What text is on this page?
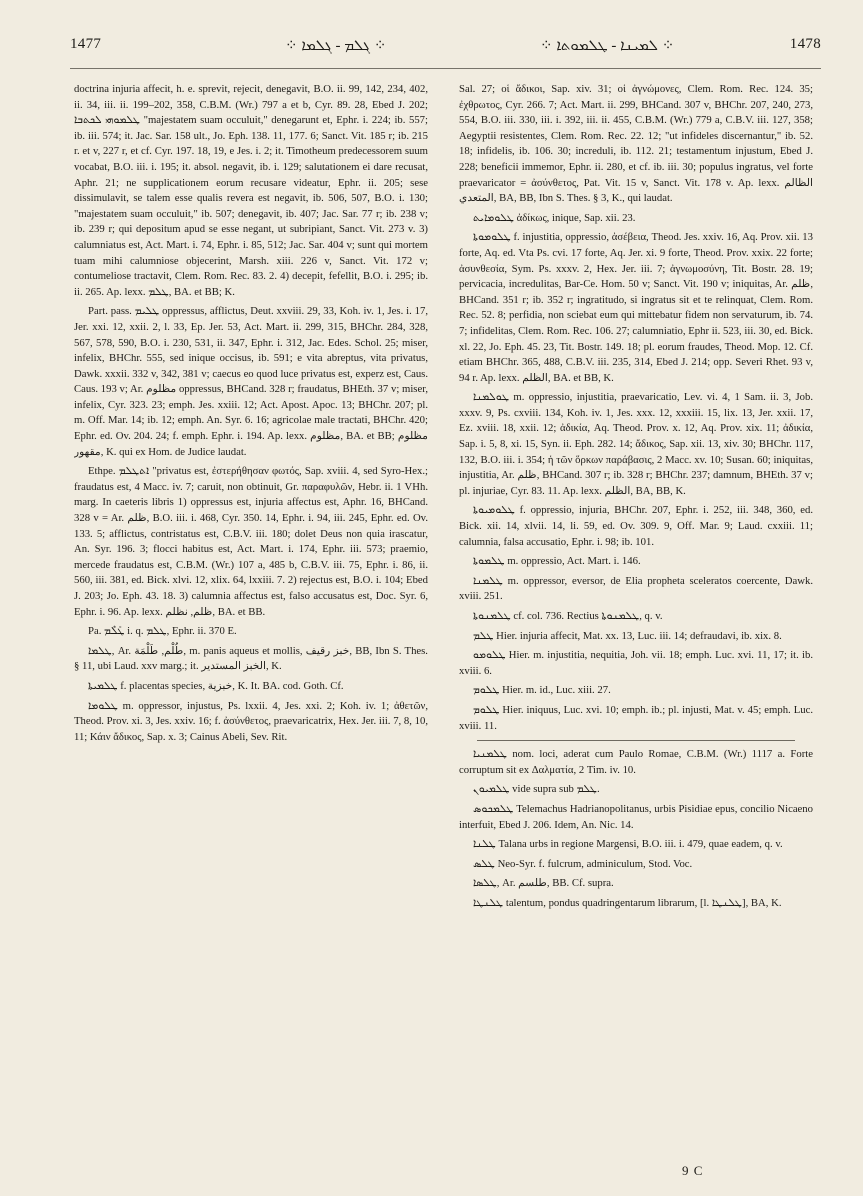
1477	⁘ ܓܠܡ - ܓܠܡܐ ⁘	⁘ ܠܡܝܢܐ - ܛܠܡܘܬܐ ⁘	1478

doctrina injuria affecit, h. e. sprevit, rejecit, denegavit, B.O. ii. 99, 142, 234, 402, ii. 34, iii. ii. 199–202, 358, C.B.M. (Wr.) 797 a et b, Cyr. 89. 28, Ebed J. 202; ܛܠܡܘܗܝ ܠܟܬܒܐ "majestatem suam occuluit," denegarunt et, Ephr. i. 224; ib. 557; ib. iii. 574; it. Jac. Sar. 158 ult., Jo. Eph. 138. 11, 177. 6; Sanct. Vit. 185 r; ib. 215 r. et v, 227 r, et cf. Cyr. 197. 18, 19, e Jes. i. 2; it. Timotheum predecessorem suum vocabat, B.O. iii. i. 195; it. absol. negavit, ib. i. 129; salutationem ei dare recusat, Aphr. 21; ne supplicationem eorum recusare videatur, Ephr. ii. 205; sese dissimulavit, se talem esse qualis revera est negavit, ib. 506, 507, B.O. i. 130; "majestatem suam occuluit," ib. 507; denegavit, ib. 407; Jac. Sar. 77 r; ib. 238 v; ib. 239 r; qui depositum apud se esse negant, ut subripiant, Sanct. Vit. 273 v. 3) calumniatus est, Act. Mart. i. 74, Ephr. i. 85, 512; Jac. Sar. 404 v; sunt qui mortem tuam mihi calumniose objecerint, Marsh. xiii. 226 v, Sanct. Vit. 172 v; contumeliose tractavit, Clem. Rom. Rec. 83. 2. 4) decepit, fefellit, B.O. i. 295; ib. ii. 265. Ap. lexx. ܛܠܡ, BA. et BB; K.

Part. pass. ܛܠܝܡ oppressus, afflictus, Deut. xxviii. 29, 33, Koh. iv. 1, Jes. i. 17, Jer. xxi. 12, xxii. 2, l. 33, Ep. Jer. 53, Act. Mart. ii. 299, 315, BHChr. 284, 328, 567, 578, 590, B.O. i. 230, 531, ii. 347, Ephr. i. 312, Jac. Edes. Schol. 25; miser, infelix, BHChr. 555, sed inique occisus, ib. 591; e vita abreptus, vita privatus, Dawk. xxxii. 332 v, 342, 381 v; caecus eo quod luce privatus est, experz est, Caus. Caus. 193 v; Ar. مظلوم oppressus, BHCand. 328 r; fraudatus, BHEth. 37 v; miser, infelix, Cyr. 323. 23; emph. Jes. xxiii. 12; Act. Apost. Apoc. 13; BHChr. 207; pl. m. Off. Mar. 14; ib. 12; emph. An. Syr. 6. 16; agricolae male tractati, BHChr. 420; Ephr. ed. Ov. 204. 24; f. emph. Ephr. i. 194. Ap. lexx. مظلوم, BA. et BB; مظلوم مقهور, K. qui ex Hom. de Judice laudat.

Ethpe. ܐܬܛܠܡ "privatus est, ἐστερήθησαν φωτός, Sap. xviii. 4, sed Syro-Hex.; fraudatus est, 4 Macc. iv. 7; caruit, non obtinuit, Gr. παραφυλῶν, Hebr. ii. 1 VHh. marg. In caeteris libris 1) oppressus est, injuria affectus est, Aphr. 16, BHCand. 328 v = Ar. ظلم, B.O. iii. i. 468, Cyr. 350. 14, Ephr. i. 94, iii. 245, Ephr. ed. Ov. 133. 5; afflictus, contristatus est, C.B.V. iii. 180; dolet Deus non quia irascatur, An. Syr. 196. 3; flocci habitus est, Act. Mart. i. 174, Ephr. iii. 573; praemio, mercede fraudatus est, C.B.M. (Wr.) 107 a, 485 b, C.B.V. iii. 75, Ephr. i. 86, ii. 560, iii. 381, ed. Bick. xlvi. 12, xlix. 64, lxxiii. 7. 2) rejectus est, B.O. i. 104; Ebed J. 203; Jo. Eph. 43. 18. 3) calumnia affectus est, falso accusatus est, Doc. Syr. 6, Ephr. i. 96. Ap. lexx. ظلم, نظلم, BA. et BB.

Pa. ܛܰܠܶܡ i. q. ܛܠܡ, Ephr. ii. 370 E.

ܛܠܡܐ, Ar. طُلْم, طَلْمَة, m. panis aqueus et mollis, خبز رقيف, BB, Ibn S. Thes. § 11, ubi Laud. xxv marg.; it. الخبز المستدير, K.

ܛܠܡܝܬܐ f. placentas species, خبزية, K. It. BA. cod. Goth. Cf.

ܛܠܘܡܐ m. oppressor, injustus, Ps. lxxii. 4, Jes. xxi. 2; Koh. iv. 1; ἀθετῶν, Theod. Prov. xi. 3, Jes. xxiv. 16; f. ἀσύνθετος, praevaricatrix, Hex. Jer. iii. 7, 8, 10, 11; Κάιν ἄδικος, Sap. x. 3; Cainus Abeli, Sev. Rit.

Sal. 27; οἱ ἄδικοι, Sap. xiv. 31; οἱ ἀγνώμονες, Clem. Rom. Rec. 124. 35; ἐχθρωτος, Cyr. 266. 7; Act. Mart. ii. 299, BHCand. 307 v, BHChr. 207, 240, 273, 554, B.O. iii. 330, iii. i. 392, iii. ii. 455, C.B.M. (Wr.) 779 a, C.B.V. iii. 127, 358; Aegyptii resistentes, Clem. Rom. Rec. 22. 12; "ut infideles discernantur," ib. 52. 18; infidelis, ib. 106. 30; increduli, ib. 112. 21; testamentum injustum, Ebed J. 228; beneficii immemor, Ephr. ii. 280, et cf. ib. iii. 30; populus ingratus, vel forte praevaricator = ἀσύνθετος, Pat. Vit. 15 v, Sanct. Vit. 178 v. Ap. lexx. الظالم المتعدي, BA, BB, Ibn S. Thes. § 3, K., qui laudat.

ܛܠܘܡܐܝܬ ἀδίκως, inique, Sap. xii. 23.

ܛܠܘܡܘܬܐ f. injustitia, oppressio, ἀσέβεια, Theod. Jes. xxiv. 16, Aq. Prov. xii. 13 forte, Aq. ed. Vta Ps. cvi. 17 forte, Aq. Jer. xi. 9 forte, Theod. Prov. xxix. 22 forte; ἀσυνθεσία, Sym. Ps. xxxv. 2, Hex. Jer. iii. 7; ἀγνωμοσύνη, Tit. Bostr. 28. 19; pervicacia, incredulitas, Bar-Ce. Hom. 50 v; Sanct. Vit. 190 v; iniquitas, Ar. ظلم, BHCand. 351 r; ib. 352 r; ingratitudo, si ingratus sit et te relinquat, Clem. Rom. Rec. 52. 8; perfidia, non sciebat eum qui mittebatur fidem non servaturum, ib. 74. 7; infidelitas, Clem. Rom. Rec. 106. 27; calumniatio, Ephr ii. 523, iii. 30, ed. Bick. xl. 22, Jo. Eph. 45. 23, Tit. Bostr. 149. 18; pl. eorum fraudes, Theod. Mop. 12. Cf. etiam BHChr. 365, 488, C.B.V. iii. 235, 314, Ebed J. 214; opp. Severi Rhet. 93 v, 94 r. Ap. lexx. الظلم, BA. et BB, K.

ܛܘܠܡܢܐ m. oppressio, injustitia, praevaricatio, Lev. vi. 4, 1 Sam. ii. 3, Job. xxxv. 9, Ps. cxviii. 134, Koh. iv. 1, Jes. xxx. 12, xxxiii. 15, lix. 13, Jer. xxii. 17, Ez. xviii. 18, xxii. 12; ἀδικία, Aq. Theod. Prov. x. 12, Aq. Prov. xix. 11; ἀδικία, Sap. i. 5, 8, xi. 15, Syn. ii. Eph. 282. 14; ἄδικος, Sap. xii. 13, xiv. 30; BHChr. 117, 132, B.O. iii. i. 354; ἡ τῶν ὅρκων παράβασις, 2 Macc. xv. 10; Susan. 60; iniquitas, injustitia, Ar. ظلم, BHCand. 307 r; ib. 328 r; BHChr. 237; damnum, BHEth. 37 v; pl. injuriae, Cyr. 83. 11. Ap. lexx. الظلم, BA, BB, K.

ܛܠܘܡܝܘܬܐ f. oppressio, injuria, BHChr. 207, Ephr. i. 252, iii. 348, 360, ed. Bick. xii. 14, xlvii. 14, li. 59, ed. Ov. 309. 9, Off. Mar. 9; Laud. cxxiii. 11; calumnia, falsa accusatio, Ephr. i. 98; ib. 101.

ܛܠܡܘܬܐ m. oppressio, Act. Mart. i. 146.

ܛܠܡܢܐ m. oppressor, eversor, de Elia propheta sceleratos coercente, Dawk. xviii. 251.

ܛܠܡܢܘܬܐ cf. col. 736. Rectius ܛܠܡܢܘܬܐ, q. v.

ܛܠܡ Hier. injuria affecit, Mat. xx. 13, Luc. iii. 14; defraudavi, ib. xix. 8.

ܛܠܘܡܘ Hier. m. injustitia, nequitia, Joh. vii. 18; emph. Luc. xvi. 11, 17; it. ib. xviii. 6.

ܛܠܘܡ Hier. m. id., Luc. xiii. 27.

ܛܠܘܡ Hier. iniquus, Luc. xvi. 10; emph. ib.; pl. injusti, Mat. v. 45; emph. Luc. xviii. 11.

ܛܠܡܢܝܐ nom. loci, aderat cum Paulo Romae, C.B.M. (Wr.) 1117 a. Forte corruptum sit ex Δαλματία, 2 Tim. iv. 10.

ܛܠܡܝܘܢ vide supra sub ܛܠܡ.

ܛܠܡܟܘܣ Telemachus Hadrianopolitanus, urbis Pisidiae epus, concilio Nicaeno interfuit, Ebed J. 206. Idem, An. Nic. 14.

ܛܠܢܐ Talana urbs in regione Margensi, B.O. iii. i. 479, quae eadem, q. v.

ܛܠܣ Neo-Syr. f. fulcrum, adminiculum, Stod. Voc.

ܛܠܣܐ, Ar. طلسم, BB. Cf. supra.

ܛܠܢܛܐ talentum, pondus quadringentarum librarum, [l. ܛܠܢܛܐ], BA, K.

9 C
